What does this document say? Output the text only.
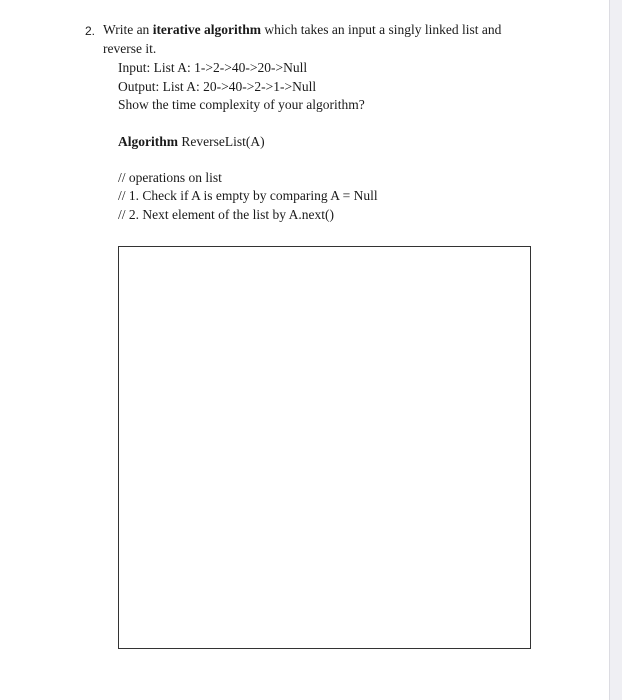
2. Write an iterative algorithm which takes an input a singly linked list and
reverse it.
Input: List A: 1->2->40->20->Null
Output: List A: 20->40->2->1->Null
Show the time complexity of your algorithm?
Algorithm ReverseList(A)
// operations on list
// 1. Check if A is empty by comparing A = Null
// 2. Next element of the list by A.next()
